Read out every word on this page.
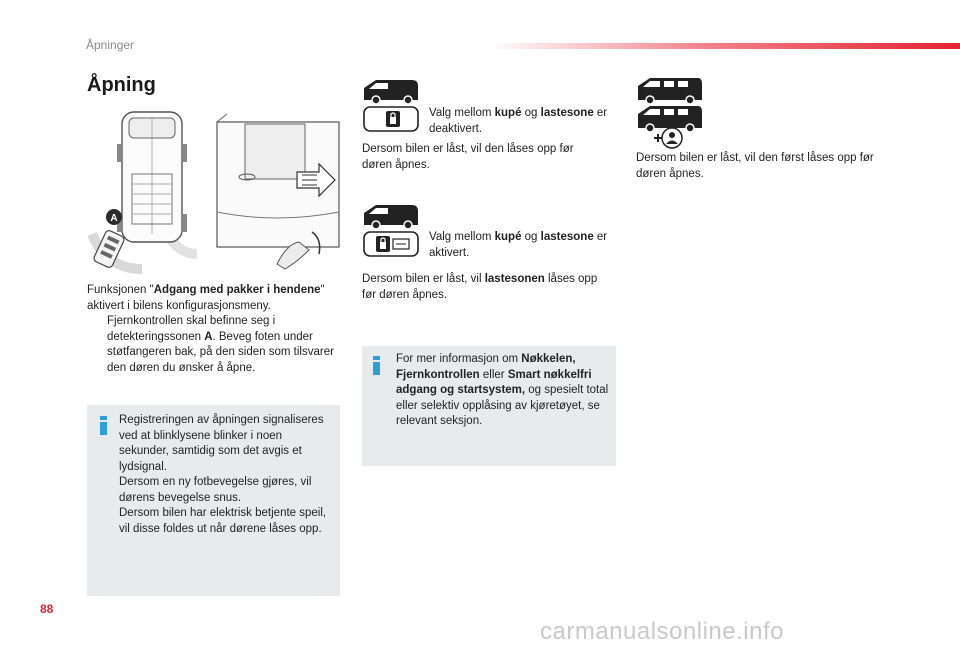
Åpninger
Åpning
A
Funksjonen "Adgang med pakker i hendene" aktivert i bilens konfigurasjonsmeny.
Fjernkontrollen skal befinne seg i detekteringssonen A. Beveg foten under støtfangeren bak, på den siden som tilsvarer den døren du ønsker å åpne.
Registreringen av åpningen signaliseres ved at blinklysene blinker i noen sekunder, samtidig som det avgis et lydsignal.
Dersom en ny fotbevegelse gjøres, vil dørens bevegelse snus.
Dersom bilen har elektrisk betjente speil, vil disse foldes ut når dørene låses opp.
Valg mellom kupé og lastesone er deaktivert.
Dersom bilen er låst, vil den låses opp før døren åpnes.
Valg mellom kupé og lastesone er aktivert.
Dersom bilen er låst, vil lastesonen låses opp før døren åpnes.
For mer informasjon om Nøkkelen, Fjernkontrollen eller Smart nøkkelfri adgang og startsystem, og spesielt total eller selektiv opplåsing av kjøretøyet, se relevant seksjon.
Dersom bilen er låst, vil den først låses opp før døren åpnes.
88
carmanualsonline.info
